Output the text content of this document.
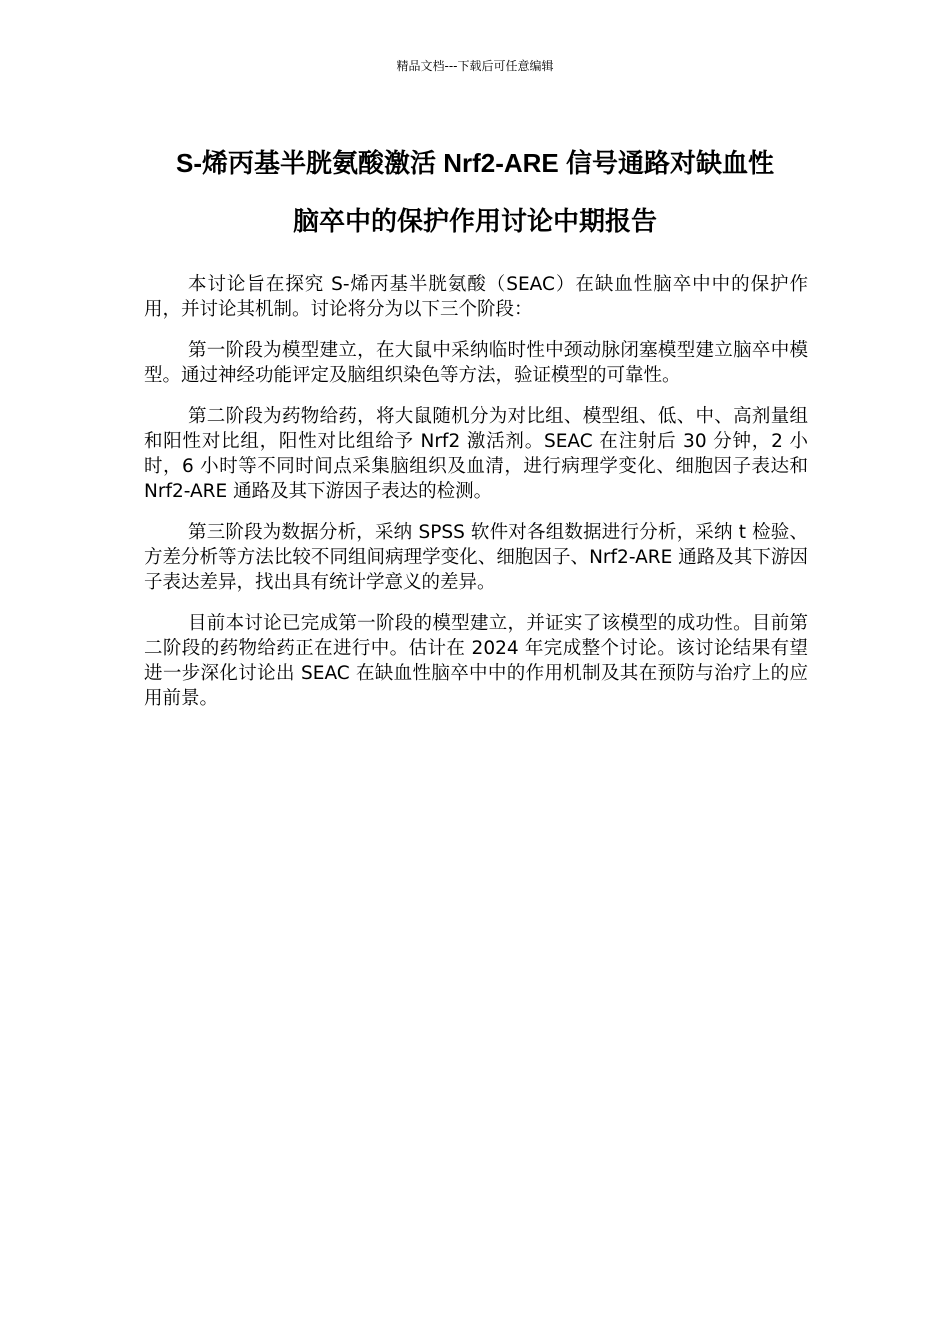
精品文档---下载后可任意编辑
S-烯丙基半胱氨酸激活 Nrf2-ARE 信号通路对缺血性
脑卒中的保护作用讨论中期报告

本讨论旨在探究 S-烯丙基半胱氨酸（SEAC）在缺血性脑卒中中的保护作用，并讨论其机制。讨论将分为以下三个阶段：

第一阶段为模型建立，在大鼠中采纳临时性中颈动脉闭塞模型建立脑卒中模型。通过神经功能评定及脑组织染色等方法，验证模型的可靠性。

第二阶段为药物给药，将大鼠随机分为对比组、模型组、低、中、高剂量组和阳性对比组，阳性对比组给予 Nrf2 激活剂。SEAC 在注射后 30 分钟，2 小时，6 小时等不同时间点采集脑组织及血清，进行病理学变化、细胞因子表达和 Nrf2-ARE 通路及其下游因子表达的检测。

第三阶段为数据分析，采纳 SPSS 软件对各组数据进行分析，采纳 t 检验、方差分析等方法比较不同组间病理学变化、细胞因子、Nrf2-ARE 通路及其下游因子表达差异，找出具有统计学意义的差异。

目前本讨论已完成第一阶段的模型建立，并证实了该模型的成功性。目前第二阶段的药物给药正在进行中。估计在 2024 年完成整个讨论。该讨论结果有望进一步深化讨论出 SEAC 在缺血性脑卒中中的作用机制及其在预防与治疗上的应用前景。
